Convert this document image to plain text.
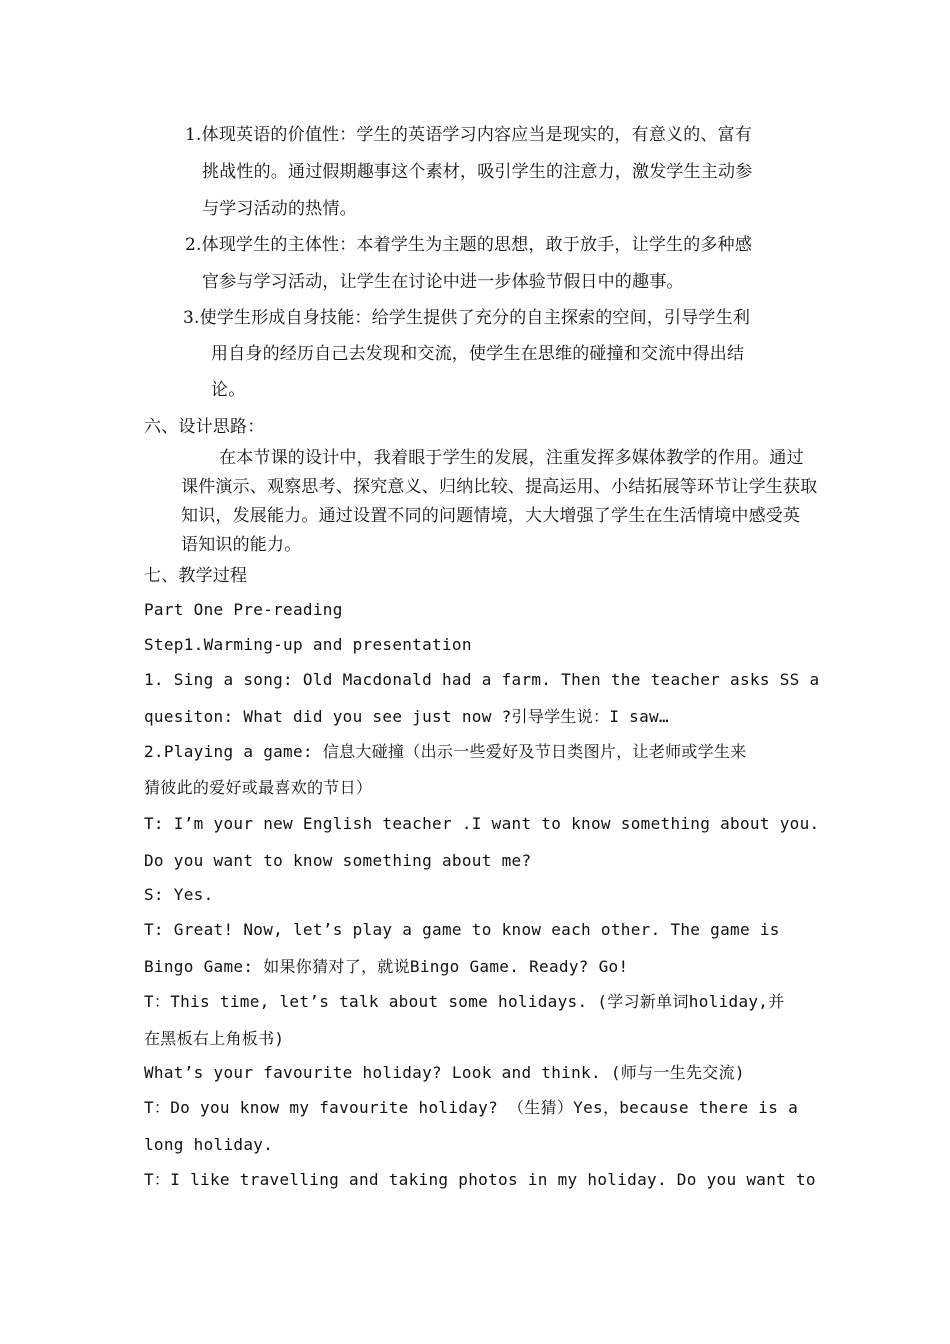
1.体现英语的价值性：学生的英语学习内容应当是现实的，有意义的、富有
挑战性的。通过假期趣事这个素材，吸引学生的注意力，激发学生主动参
与学习活动的热情。
2.体现学生的主体性：本着学生为主题的思想，敢于放手，让学生的多种感
官参与学习活动，让学生在讨论中进一步体验节假日中的趣事。
3.使学生形成自身技能：给学生提供了充分的自主探索的空间，引导学生利
用自身的经历自己去发现和交流，使学生在思维的碰撞和交流中得出结
论。
六、设计思路：
在本节课的设计中，我着眼于学生的发展，注重发挥多媒体教学的作用。通过
课件演示、观察思考、探究意义、归纳比较、提高运用、小结拓展等环节让学生获取
知识，发展能力。通过设置不同的问题情境，大大增强了学生在生活情境中感受英
语知识的能力。
七、教学过程
Part One Pre-reading
Step1.Warming-up and presentation
1. Sing a song: Old Macdonald had a farm. Then the teacher asks SS a
quesiton: What did you see just now ?引导学生说：I saw…
2.Playing a game: 信息大碰撞（出示一些爱好及节日类图片，让老师或学生来
猜彼此的爱好或最喜欢的节日）
T: I’m your new English teacher .I want to know something about you.
Do you want to know something about me?
S: Yes.
T: Great! Now, let’s play a game to know each other. The game is
Bingo Game: 如果你猜对了，就说Bingo Game. Ready? Go!
T：This time, let’s talk about some holidays. (学习新单词holiday,并
在黑板右上角板书)
What’s your favourite holiday? Look and think. (师与一生先交流)
T：Do you know my favourite holiday? （生猜）Yes，because there is a
long holiday.
T：I like travelling and taking photos in my holiday. Do you want to
